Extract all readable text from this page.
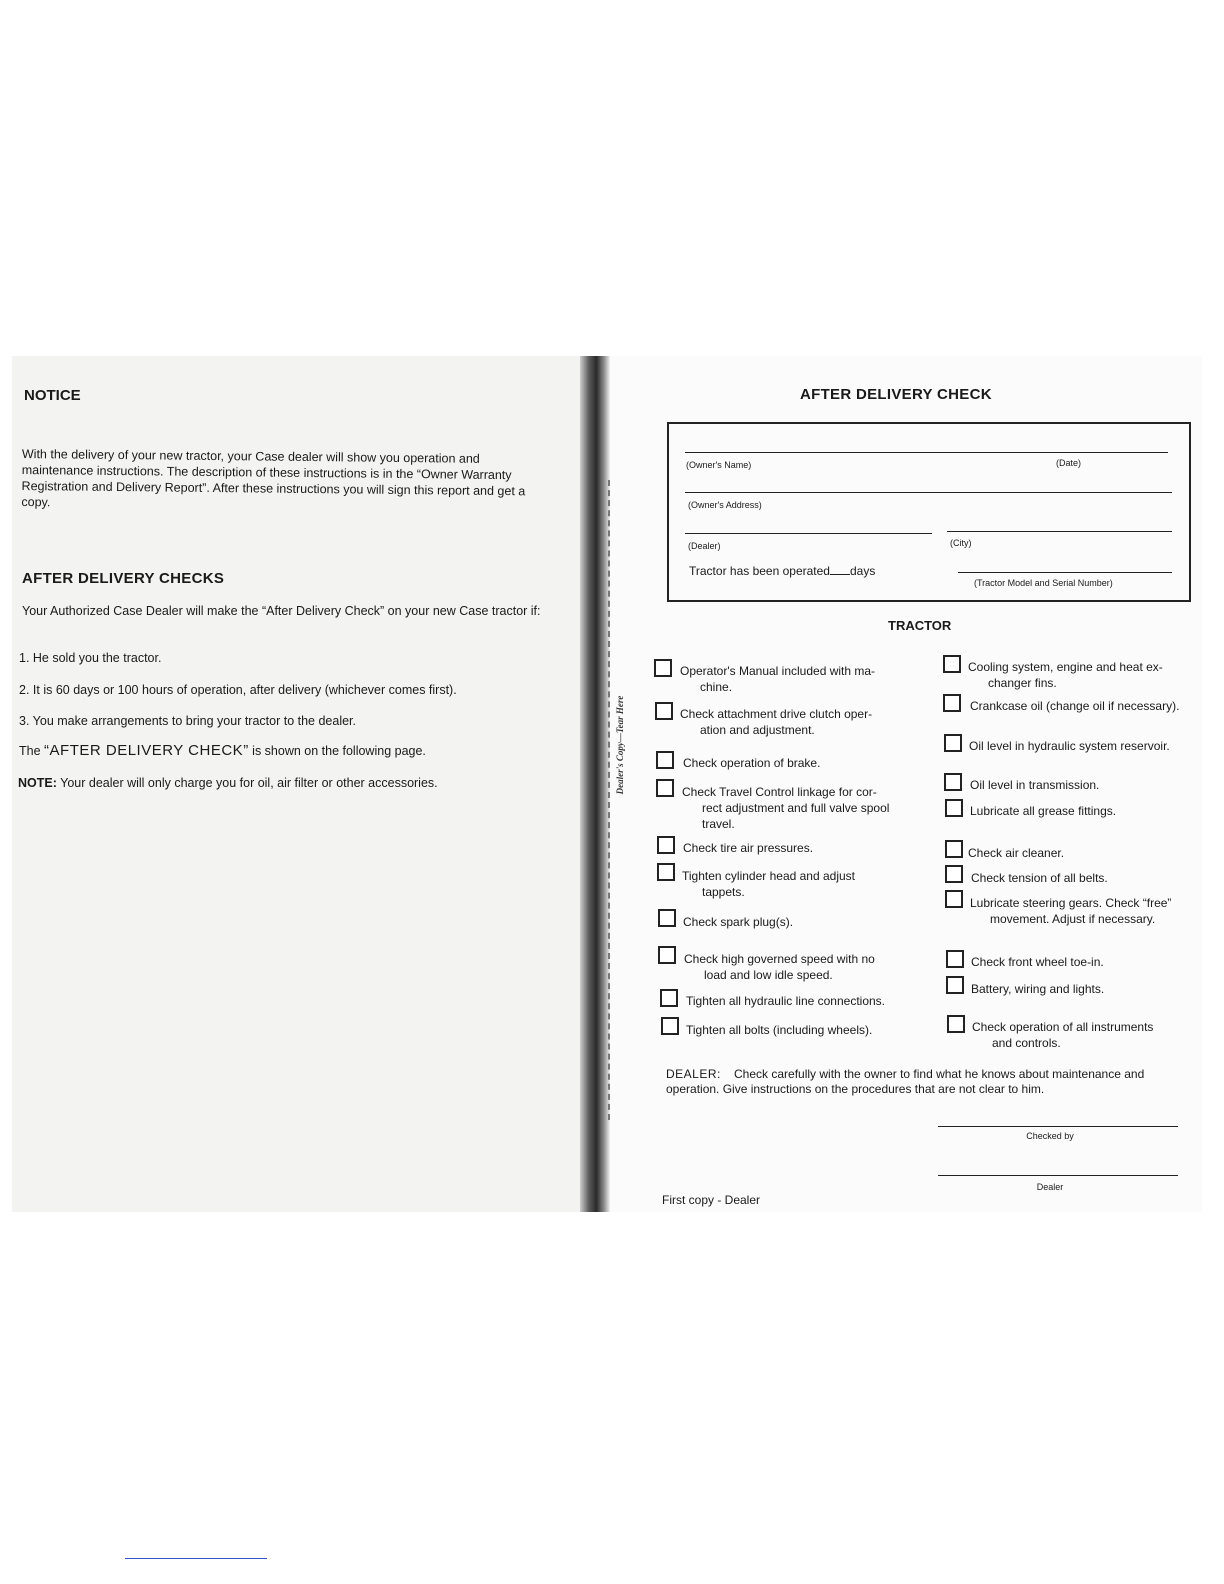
Dealer's Copy—Tear Here
NOTICE
With the delivery of your new tractor, your Case dealer will show you operation and maintenance instructions. The description of these instructions is in the “Owner Warranty Registration and Delivery Report”. After these instructions you will sign this report and get a copy.
AFTER DELIVERY CHECKS
Your Authorized Case Dealer will make the “After Delivery Check” on your new Case tractor if:
1. He sold you the tractor.
2. It is 60 days or 100 hours of operation, after delivery (whichever comes first).
3. You make arrangements to bring your tractor to the dealer.
The “AFTER DELIVERY CHECK” is shown on the following page.
NOTE: Your dealer will only charge you for oil, air filter or other accessories.
AFTER DELIVERY CHECK
(Owner's Name)	(Date)
(Owner's Address)
(Dealer)	(City)
Tractor has been operated days
(Tractor Model and Serial Number)
TRACTOR
Operator's Manual included with ma-
chine.
Check attachment drive clutch oper-
ation and adjustment.
Check operation of brake.
Check Travel Control linkage for cor-
rect adjustment and full valve spool travel.
Check tire air pressures.
Tighten cylinder head and adjust
tappets.
Check spark plug(s).
Check high governed speed with no
load and low idle speed.
Tighten all hydraulic line connections.
Tighten all bolts (including wheels).
Cooling system, engine and heat ex-
changer fins.
Crankcase oil (change oil if necessary).
Oil level in hydraulic system reservoir.
Oil level in transmission.
Lubricate all grease fittings.
Check air cleaner.
Check tension of all belts.
Lubricate steering gears. Check “free”
movement. Adjust if necessary.
Check front wheel toe-in.
Battery, wiring and lights.
Check operation of all instruments
and controls.
DEALER: Check carefully with the owner to find what he knows about maintenance and operation. Give instructions on the procedures that are not clear to him.
Checked by
Dealer
First copy - Dealer
